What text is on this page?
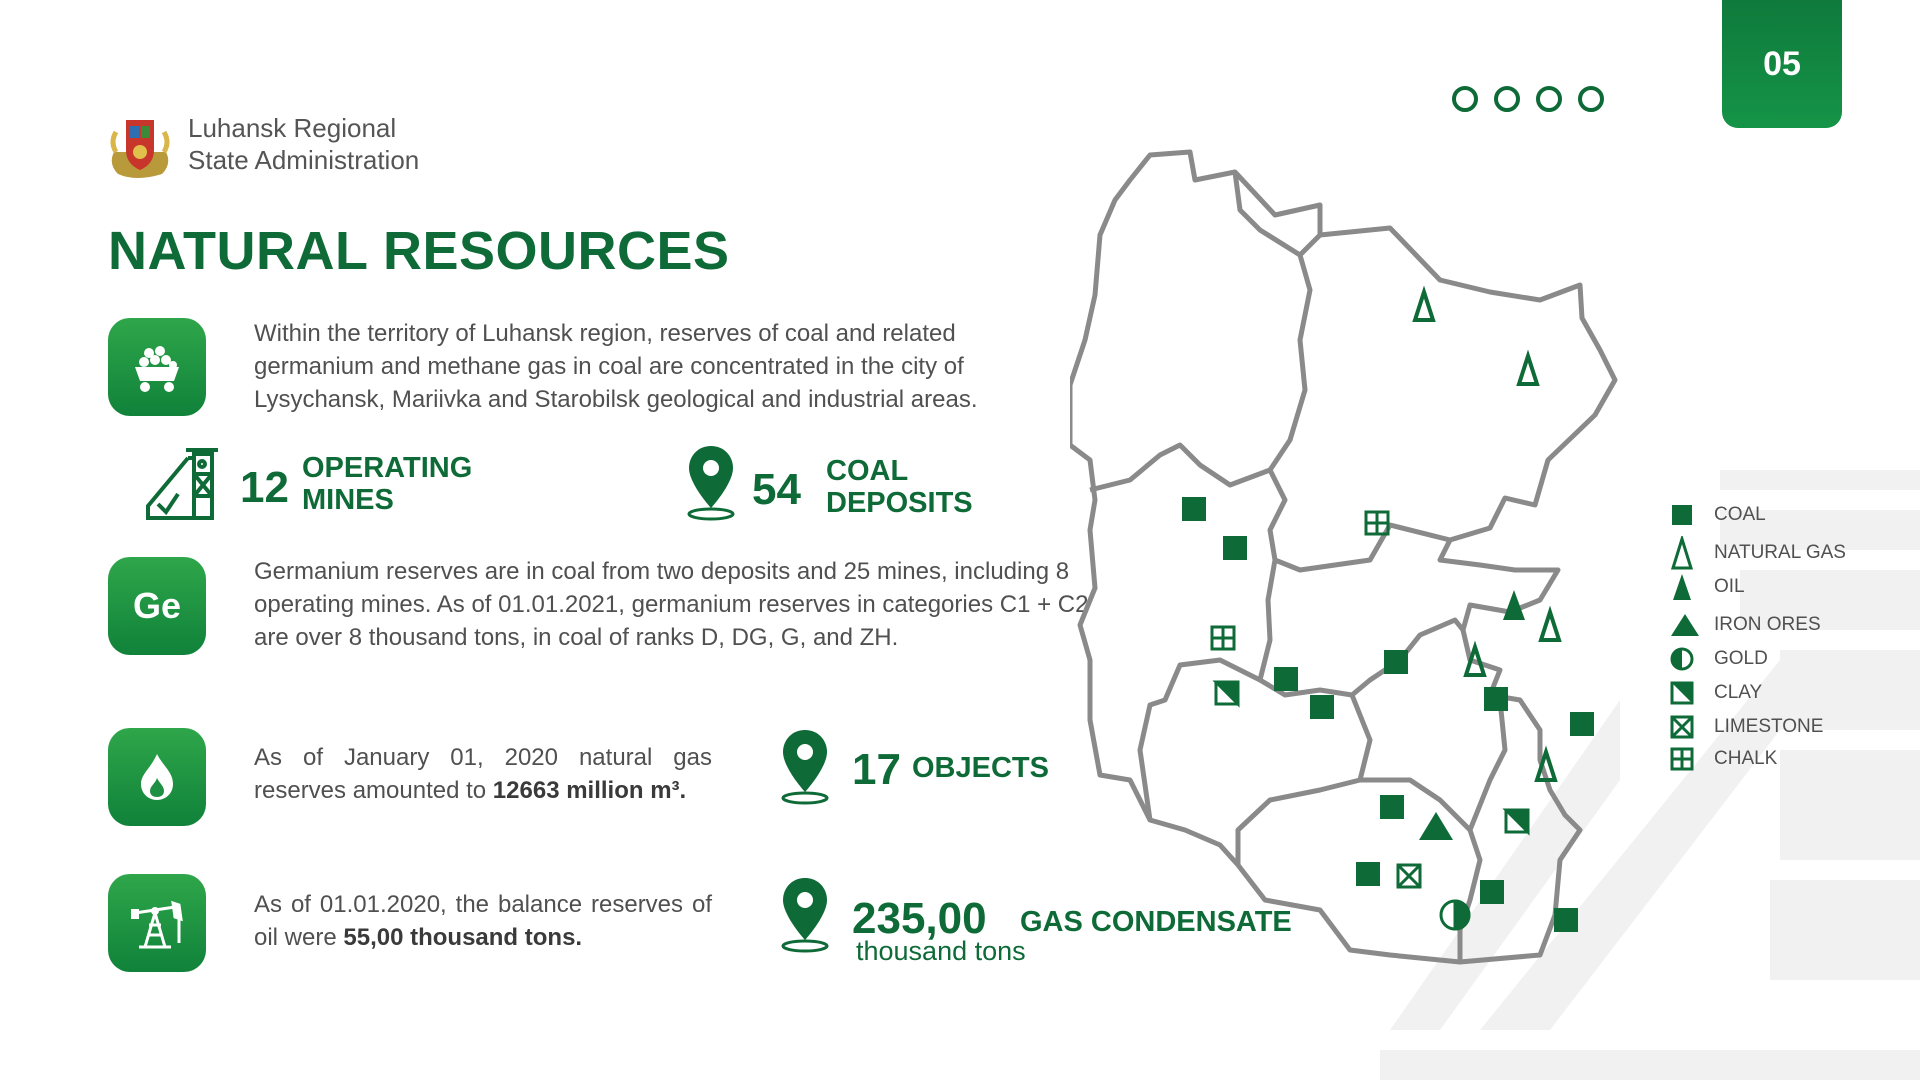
05
Luhansk Regional
State Administration
NATURAL RESOURCES
Within the territory of Luhansk region, reserves of coal and related germanium and methane gas in coal are concentrated in the city of Lysychansk, Mariivka and Starobilsk geological and industrial areas.
12 OPERATING
MINES	54 COAL
DEPOSITS
Ge
Germanium reserves are in coal from two deposits and 25 mines, including 8 operating mines. As of 01.01.2021, germanium reserves in categories C1 + C2 are over 8 thousand tons, in coal of ranks D, DG, G, and ZH.
As of January 01, 2020 natural gas reserves amounted to 12663 million m³.	17 OBJECTS
As of 01.01.2020, the balance reserves of oil were 55,00 thousand tons.	235,00 GAS CONDENSATE
thousand tons
COAL
NATURAL GAS
OIL
IRON ORES
GOLD
CLAY
LIMESTONE
CHALK
